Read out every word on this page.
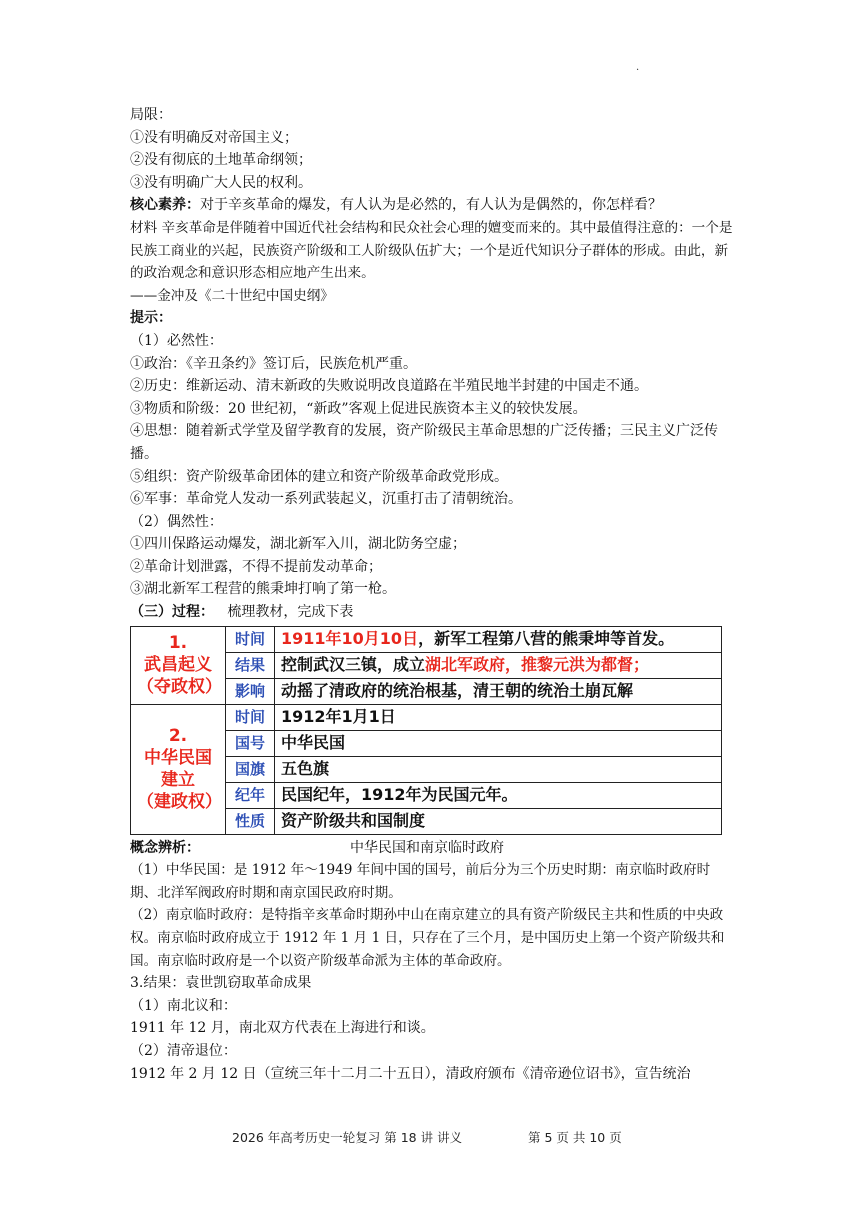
.

局限：

①没有明确反对帝国主义；

②没有彻底的土地革命纲领；

③没有明确广大人民的权利。

核心素养：对于辛亥革命的爆发，有人认为是必然的，有人认为是偶然的，你怎样看？

材料 辛亥革命是伴随着中国近代社会结构和民众社会心理的嬗变而来的。其中最值得注意的：一个是民族工商业的兴起，民族资产阶级和工人阶级队伍扩大；一个是近代知识分子群体的形成。由此，新的政治观念和意识形态相应地产生出来。

——金冲及《二十世纪中国史纲》

提示：

（1）必然性：

①政治：《辛丑条约》签订后，民族危机严重。

②历史：维新运动、清末新政的失败说明改良道路在半殖民地半封建的中国走不通。

③物质和阶级：20 世纪初，“新政”客观上促进民族资本主义的较快发展。

④思想：随着新式学堂及留学教育的发展，资产阶级民主革命思想的广泛传播；三民主义广泛传播。

⑤组织：资产阶级革命团体的建立和资产阶级革命政党形成。

⑥军事：革命党人发动一系列武装起义，沉重打击了清朝统治。

（2）偶然性：

①四川保路运动爆发，湖北新军入川，湖北防务空虚；

②革命计划泄露，不得不提前发动革命；

③湖北新军工程营的熊秉坤打响了第一枪。

（三）过程： 梳理教材，完成下表

1.
武昌起义
（夺政权）	时间	1911年10月10日，新军工程第八营的熊秉坤等首发。
	结果	控制武汉三镇，成立湖北军政府，推黎元洪为都督；
	影响	动摇了清政府的统治根基，清王朝的统治土崩瓦解

2.
中华民国
建立
（建政权）	时间	1912年1月1日
	国号	中华民国
	国旗	五色旗
	纪年	民国纪年，1912年为民国元年。
	性质	资产阶级共和国制度

概念辨析：	中华民国和南京临时政府

（1）中华民国：是 1912 年～1949 年间中国的国号，前后分为三个历史时期：南京临时政府时期、北洋军阀政府时期和南京国民政府时期。

（2）南京临时政府：是特指辛亥革命时期孙中山在南京建立的具有资产阶级民主共和性质的中央政权。南京临时政府成立于 1912 年 1 月 1 日，只存在了三个月，是中国历史上第一个资产阶级共和国。南京临时政府是一个以资产阶级革命派为主体的革命政府。

3.结果：袁世凯窃取革命成果

（1）南北议和：

1911 年 12 月，南北双方代表在上海进行和谈。

（2）清帝退位：

1912 年 2 月 12 日（宣统三年十二月二十五日），清政府颁布《清帝逊位诏书》，宣告统治

2026 年高考历史一轮复习 第 18 讲 讲义	第 5 页 共 10 页
